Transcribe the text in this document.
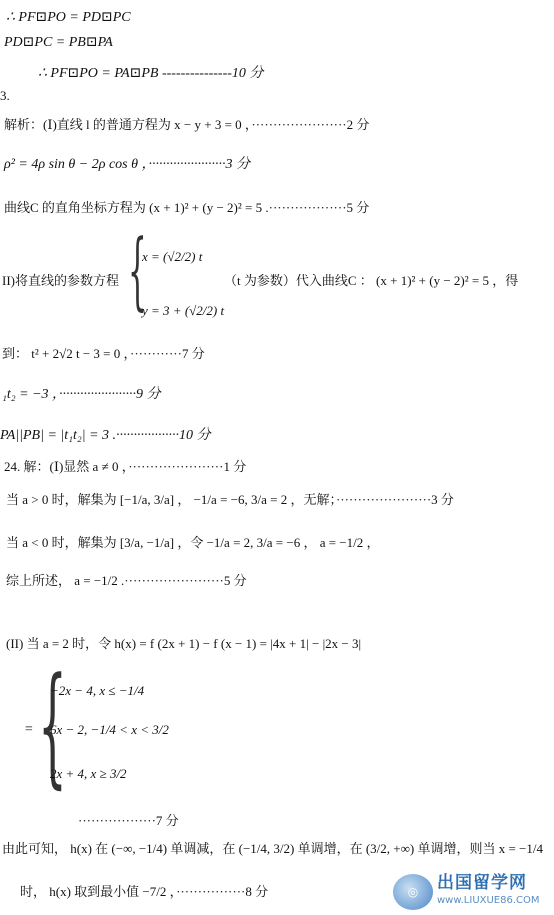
∴ PF⊡PO = PD⊡PC
PD⊡PC = PB⊡PA
∴ PF⊡PO = PA⊡PB ---------------10 分
3.
解析：(Ⅰ)直线 l 的普通方程为 x − y + 3 = 0 ，······················2 分
ρ² = 4ρ sin θ − 2ρ cos θ ，······················3 分
曲线C 的直角坐标方程为 (x + 1)² + (y − 2)² = 5 .··················5 分
II)将直线的参数方程 {
x = (√2/2) t
y = 3 + (√2/2) t
（t 为参数）代入曲线C ： (x + 1)² + (y − 2)² = 5 ，得
到： t² + 2√2 t − 3 = 0 ，············7 分
₁t₂ = −3 ，······················9 分
PA||PB| = |t₁t₂| = 3 .··················10 分
24. 解：(Ⅰ)显然 a ≠ 0 ，······················1 分
当 a > 0 时，解集为 [−1/a, 3/a] ， −1/a = −6, 3/a = 2 ，无解；······················3 分
当 a < 0 时，解集为 [3/a, −1/a] ，令 −1/a = 2, 3/a = −6 ， a = −1/2 ，
综上所述， a = −1/2 .·······················5 分
(II) 当 a = 2 时，令 h(x) = f (2x + 1) − f (x − 1) = |4x + 1| − |2x − 3|
= {
−2x − 4, x ≤ −1/4
6x − 2, −1/4 < x < 3/2
2x + 4, x ≥ 3/2
··················7 分
由此可知， h(x) 在 (−∞, −1/4) 单调减，在 (−1/4, 3/2) 单调增，在 (3/2, +∞) 单调增，则当 x = −1/4
时， h(x) 取到最小值 −7/2 ，················8 分	◎	出国留学网
www.LIUXUE86.COM
